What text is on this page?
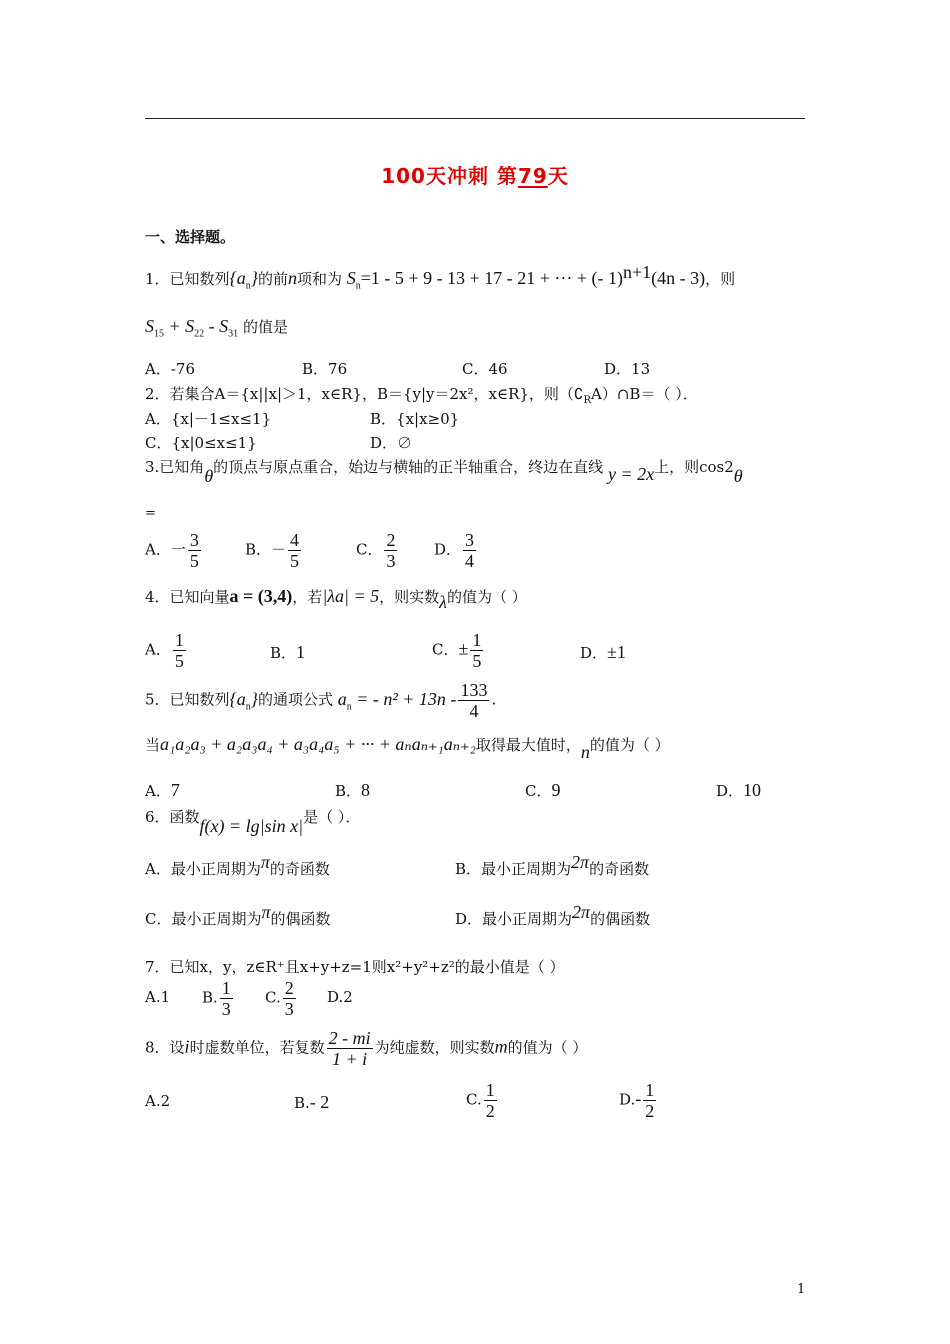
100天冲刺 第79天
一、选择题。
1．已知数列$\{a_n\}$的前n项和为 $S_n=1 - 5 + 9 - 13 + 17 - 21$ + ··· + (- 1)$^{n+1}$(4n - 3)，则
$S_{15} + S_{22} - S_{31}$ 的值是
A．-76	B．76	C．46	D．13
2．若集合A＝{x||x|＞1，x∈R}，B＝{y|y＝2x²，x∈R}，则$(∁_RA)\cap B=$（ ）．
A．{x|－1≤x≤1}	B．{x|x≥0}
C．{x|0≤x≤1}	D．∅
3.已知角θ的顶点与原点重合，始边与横轴的正半轴重合，终边在直线 y = 2x上，则cos2θ
=
A．一 $\frac{3}{5}$	B．－ $\frac{4}{5}$	C． $\frac{2}{3}$ D． $\frac{3}{4}$
4．已知向量a = (3,4)，若|λa| = 5，则实数λ的值为（ ）
A． $\frac{1}{5}$	B．1	C．± $\frac{1}{5}$	D．±1
5．已知数列$\{a_n\}$的通项公式 $a_n$ = - $n^2 + 13n - \frac{133}{4}$ .
当a₁a₂a₃ + a₂a₃a₄ + a₃a₄a₅ + ··· + aₙaₙ₊₁aₙ₊₂取得最大值时，n的值为（ ）
A．7	B．8	C．9	D．10
6．函数f(x) = lg|sin x|是（ ）．
A．最小正周期为π的奇函数	B．最小正周期为2π的奇函数
C．最小正周期为π的偶函数	D．最小正周期为2π的偶函数
7．已知x，y，z∈R⁺且x+y+z=1则x²+y²+z²的最小值是（ ）
A.1 B. $\frac{1}{3} C$. $\frac{2}{3} D.2$
8．设i时虚数单位，若复数 $\frac{2 - mi}{1 + i}$ 为纯虚数，则实数m的值为（ ）
A.2	B.- 2	C. $\frac{1}{2}$	$D.- \frac{1}{2}$
1
